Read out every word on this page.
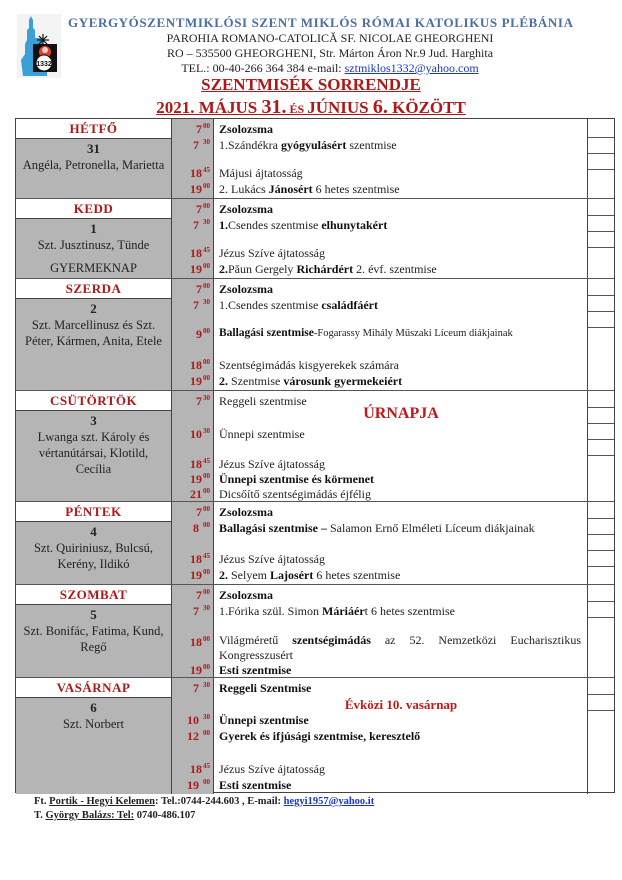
1332
GYERGYÓSZENTMIKLÓSI SZENT MIKLÓS RÓMAI KATOLIKUS PLÉBÁNIA
PAROHIA ROMANO-CATOLICĂ SF. NICOLAE GHEORGHENI
RO – 535500 GHEORGHENI, Str. Márton Áron Nr.9 Jud. Harghita
TEL.: 00-40-266 364 384 e-mail: sztmiklos1332@yahoo.com
SZENTMISÉK SORRENDJE
2021. MÁJUS 31. ÉS JÚNIUS 6. KÖZÖTT
HÉTFŐ
31
Angéla, Petronella, Marietta
$7^{00}$
7 $^{30}$
$18^{45}$
$19^{00}$
Zsolozsma
1.Szándékra gyógyulásért szentmise
Májusi ájtatosság
2. Lukács Jánosért 6 hetes szentmise
KEDD
1
Szt. Jusztinusz, Tünde
GYERMEKNAP
$7^{00}$
7 $^{30}$
$18^{45}$
$19^{00}$
Zsolozsma
1.Csendes szentmise elhunytakért
Jézus Szíve ájtatosság
2.Păun Gergely Richárdért 2. évf. szentmise
SZERDA
2
Szt. Marcellinusz és Szt. Péter, Kármen, Anita, Etele
$7^{00}$
7 $^{30}$
$9^{00}$
$18^{00}$
$19^{00}$
Zsolozsma
1.Csendes szentmise családfáért
Ballagási szentmise-Fogarassy Mihály Műszaki Líceum diákjainak
Szentségimádás kisgyerekek számára
2. Szentmise városunk gyermekeiért
CSÜTÖRTÖK
3
Lwanga szt. Károly és vértanútársai, Klotild, Cecília
$7^{30}$
$10^{30}$
$18^{45}$
$19^{00}$
$21^{00}$
Reggeli szentmise
ÚRNAPJA
Ünnepi szentmise
Jézus Szíve ájtatosság
Ünnepi szentmise és körmenet
Dicsőítő szentségimádás éjfélig
PÉNTEK
4
Szt. Quiriniusz, Bulcsú, Kerény, Ildikó
$7^{00}$
8 $^{00}$
$18^{45}$
$19^{00}$
Zsolozsma
Ballagási szentmise – Salamon Ernő Elméleti Líceum diákjainak
Jézus Szíve ájtatosság
2. Selyem Lajosért 6 hetes szentmise
SZOMBAT
5
Szt. Bonifác, Fatima, Kund, Regő
$7^{00}$
7 $^{30}$
$18^{00}$
$19^{00}$
Zsolozsma
1.Fórika szül. Simon Máriáért 6 hetes szentmise
Világméretű szentségimádás az 52. Nemzetközi Eucharisztikus Kongresszusért
Esti szentmise
VASÁRNAP
6
Szt. Norbert
7 $^{30}$
10 $^{30}$
12 $^{00}$
$18^{45}$
19 $^{00}$
Reggeli Szentmise
Évközi 10. vasárnap
Ünnepi szentmise
Gyerek és ifjúsági szentmise, keresztelő
Jézus Szíve ájtatosság
Esti szentmise
Ft. Portik - Hegyi Kelemen: Tel.:0744-244.603 , E-mail: hegyi1957@yahoo.it
T. György Balázs: Tel: 0740-486.107
